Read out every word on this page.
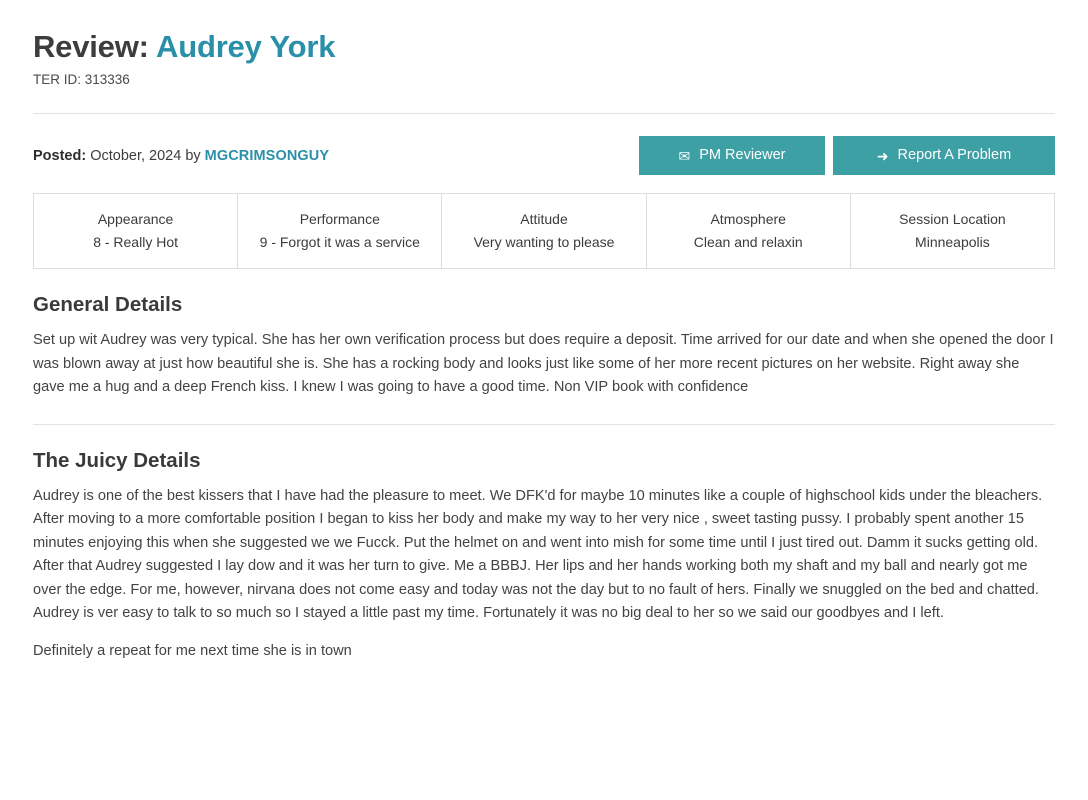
Review: Audrey York
TER ID: 313336
Posted: October, 2024 by MGCRIMSONGUY	✉ PM Reviewer	➜ Report A Problem
Appearance
8 - Really Hot
Performance
9 - Forgot it was a service
Attitude
Very wanting to please
Atmosphere
Clean and relaxin
Session Location
Minneapolis
General Details

Set up wit Audrey was very typical. She has her own verification process but does require a deposit. Time arrived for our date and when she opened the door I was blown away at just how beautiful she is. She has a rocking body and looks just like some of her more recent pictures on her website. Right away she gave me a hug and a deep French kiss. I knew I was going to have a good time. Non VIP book with confidence

The Juicy Details

Audrey is one of the best kissers that I have had the pleasure to meet. We DFK'd for maybe 10 minutes like a couple of highschool kids under the bleachers. After moving to a more comfortable position I began to kiss her body and make my way to her very nice , sweet tasting pussy. I probably spent another 15 minutes enjoying this when she suggested we we Fucck. Put the helmet on and went into mish for some time until I just tired out. Damm it sucks getting old. After that Audrey suggested I lay dow and it was her turn to give. Me a BBBJ. Her lips and her hands working both my shaft and my ball and nearly got me over the edge. For me, however, nirvana does not come easy and today was not the day but to no fault of hers. Finally we snuggled on the bed and chatted. Audrey is ver easy to talk to so much so I stayed a little past my time. Fortunately it was no big deal to her so we said our goodbyes and I left.

Definitely a repeat for me next time she is in town
